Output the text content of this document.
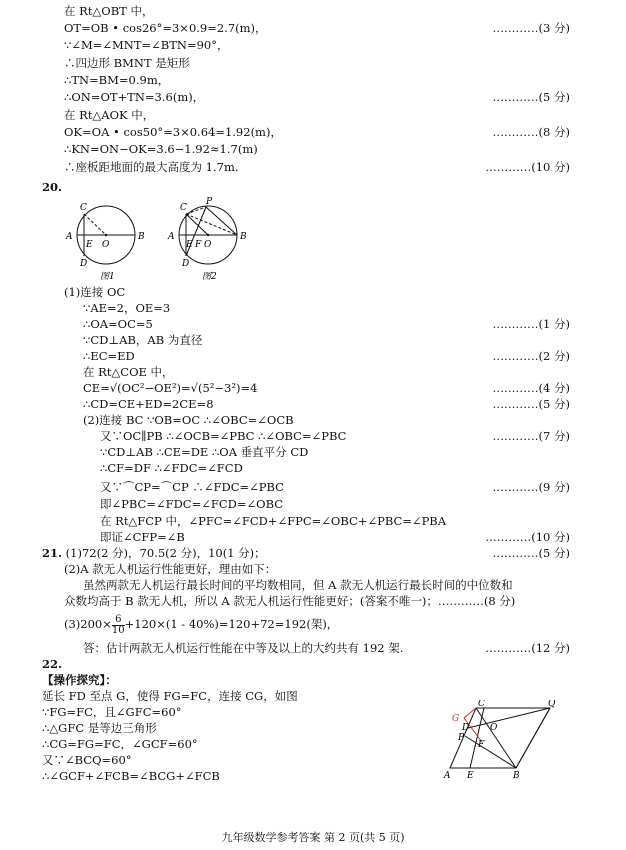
在 Rt△OBT 中，
OT=OB • cos26°=3×0.9=2.7(m)，	…………(3 分)
∵∠M=∠MNT=∠BTN=90°，
∴四边形 BMNT 是矩形
∴TN=BM=0.9m，
∴ON=OT+TN=3.6(m)，	…………(5 分)
在 Rt△AOK 中，
OK=OA • cos50°=3×0.64=1.92(m)，	…………(8 分)
∴KN=ON−OK=3.6−1.92≈1.7(m)
∴座板距地面的最大高度为 1.7m.	…………(10 分)
20.
C
A
E O
B
D
图1
C
P
A
E F O
B
D
图2
(1)连接 OC
∵AE=2，OE=3
∴OA=OC=5	…………(1 分)
∵CD⊥AB，AB 为直径
∴EC=ED	…………(2 分)
在 Rt△COE 中，
CE=√(OC²−OE²)=√(5²−3²)=4	…………(4 分)
∴CD=CE+ED=2CE=8	…………(5 分)
(2)连接 BC ∵OB=OC ∴∠OBC=∠OCB
又∵OC∥PB ∴∠OCB=∠PBC ∴∠OBC=∠PBC	…………(7 分)
∵CD⊥AB ∴CE=DE ∴OA 垂直平分 CD
∴CF=DF ∴∠FDC=∠FCD
又∵⌒CP=⌒CP ∴∠FDC=∠PBC	…………(9 分)
即∠PBC=∠FDC=∠FCD=∠OBC
在 Rt△FCP 中，∠PFC=∠FCD+∠FPC=∠OBC+∠PBC=∠PBA
即证∠CFP=∠B	…………(10 分)
21. (1)72(2 分)，70.5(2 分)，10(1 分)；	…………(5 分)
(2)A 款无人机运行性能更好，理由如下：
虽然两款无人机运行最长时间的平均数相同，但 A 款无人机运行最长时间的中位数和
众数均高于 B 款无人机，所以 A 款无人机运行性能更好；(答案不唯一)；…………(8 分)
$(3)200\times \frac{6}{10} +120\times(1 - 40\%)=120+72=192$(架)，
答：估计两款无人机运行性能在中等及以上的大约共有 192 架.	…………(12 分)
22.
【操作探究】：
延长 FD 至点 G，使得 FG=FC，连接 CG，如图
∵FG=FC，且∠GFC=60°
∴△GFC 是等边三角形
∴CG=FG=FC，∠GCF=60°
又∵∠BCQ=60°
∴∠GCF+∠FCB=∠BCG+∠FCB
G
C	Q
D O
P
F
A E	B
九年级数学参考答案 第 2 页(共 5 页)
